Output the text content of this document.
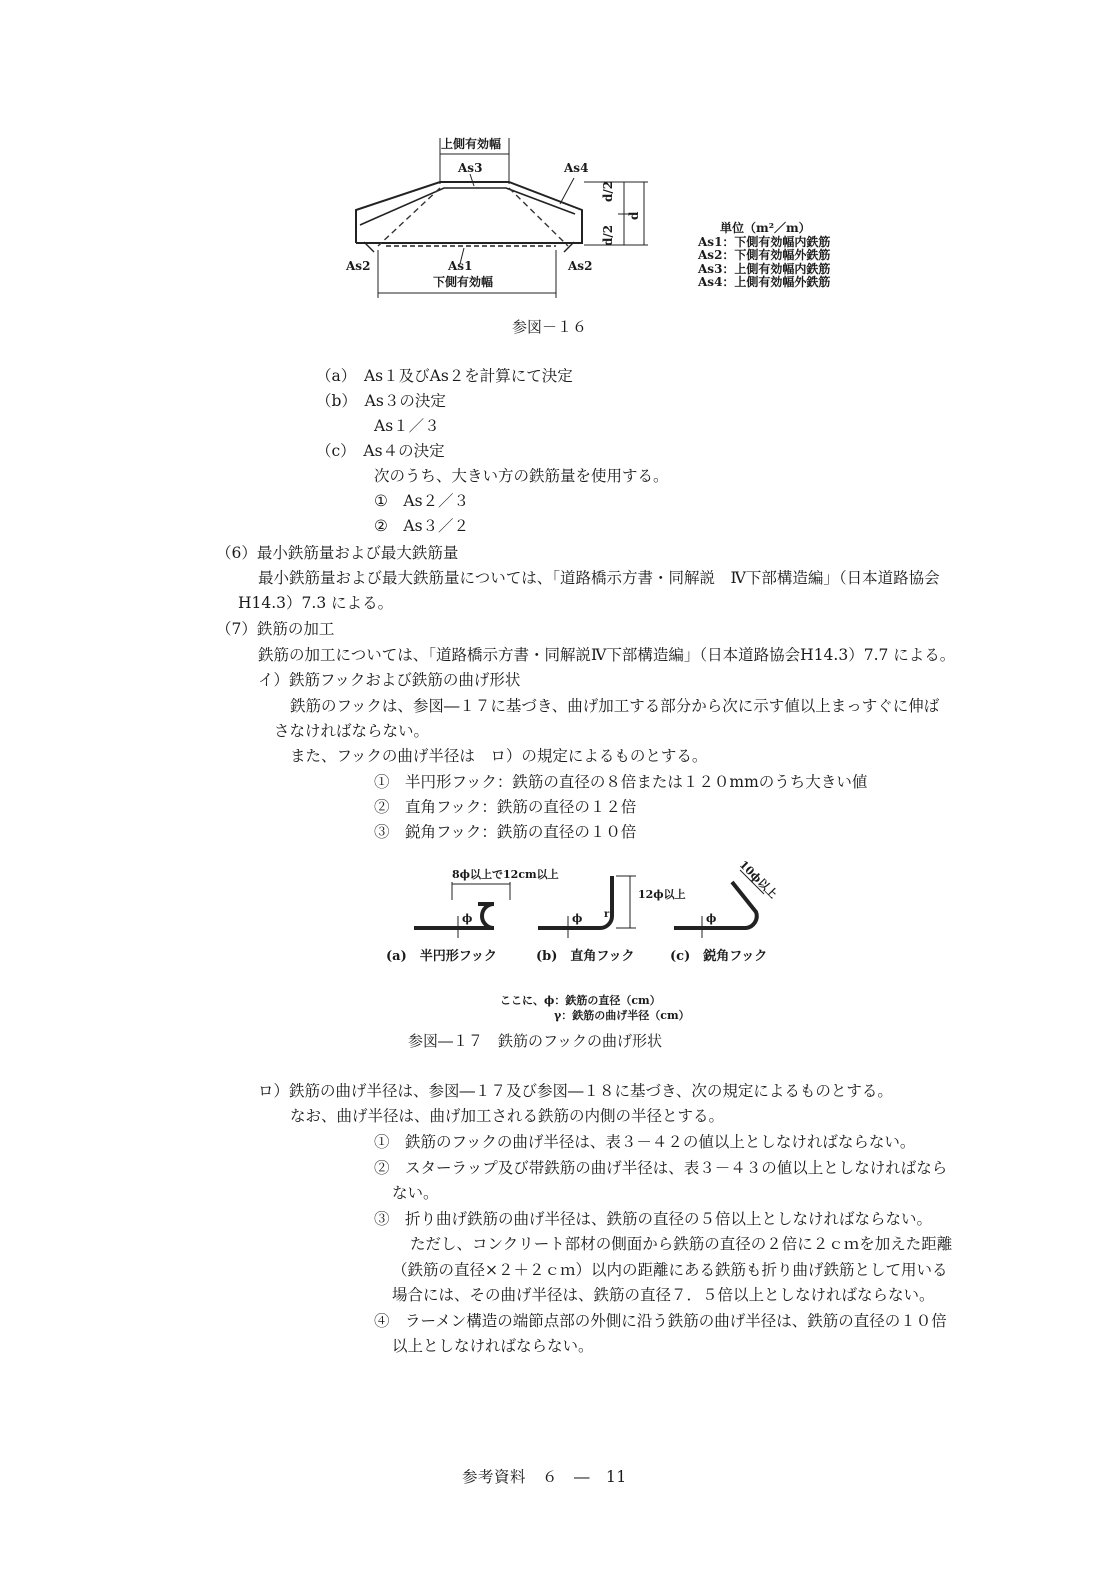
上側有効幅
As3	As4
As2	As1	As2
下側有効幅
d/2
d/2
d
単位（m²／m）
As1：下側有効幅内鉄筋
As2：下側有効幅外鉄筋
As3：上側有効幅内鉄筋
As4：上側有効幅外鉄筋
参図－１６
（a）　As１及びAs２を計算にて決定
（b）　As３の決定
As１／３
（c）　As４の決定
次のうち、大きい方の鉄筋量を使用する。
①　As２／３
②　As３／２
（6）最小鉄筋量および最大鉄筋量
最小鉄筋量および最大鉄筋量については、「道路橋示方書・同解説　Ⅳ下部構造編」（日本道路協会
H14.3）7.3 による。
（7）鉄筋の加工
鉄筋の加工については、「道路橋示方書・同解説Ⅳ下部構造編」（日本道路協会H14.3）7.7 による。
イ）鉄筋フックおよび鉄筋の曲げ形状
鉄筋のフックは、参図―１７に基づき、曲げ加工する部分から次に示す値以上まっすぐに伸ば
さなければならない。
また、フックの曲げ半径は　ロ）の規定によるものとする。
①　半円形フック：鉄筋の直径の８倍または１２０mmのうち大きい値
②　直角フック：鉄筋の直径の１２倍
③　鋭角フック：鉄筋の直径の１０倍
8ϕ以上で12cm以上
12ϕ以上	10ϕ以上
ϕ	ϕ	ϕ
r
(a)　半円形フック	(b)　直角フック	(c)　鋭角フック
ここに、ϕ：鉄筋の直径（cm）
γ：鉄筋の曲げ半径（cm）
参図―１７　鉄筋のフックの曲げ形状
ロ）鉄筋の曲げ半径は、参図―１７及び参図―１８に基づき、次の規定によるものとする。
なお、曲げ半径は、曲げ加工される鉄筋の内側の半径とする。
①　鉄筋のフックの曲げ半径は、表３－４２の値以上としなければならない。
②　スターラップ及び帯鉄筋の曲げ半径は、表３－４３の値以上としなければなら
ない。
③　折り曲げ鉄筋の曲げ半径は、鉄筋の直径の５倍以上としなければならない。
ただし、コンクリート部材の側面から鉄筋の直径の２倍に２ｃｍを加えた距離
（鉄筋の直径×２＋２ｃｍ）以内の距離にある鉄筋も折り曲げ鉄筋として用いる
場合には、その曲げ半径は、鉄筋の直径７．５倍以上としなければならない。
④　ラーメン構造の端節点部の外側に沿う鉄筋の曲げ半径は、鉄筋の直径の１０倍
以上としなければならない。
参考資料　６　―　11
